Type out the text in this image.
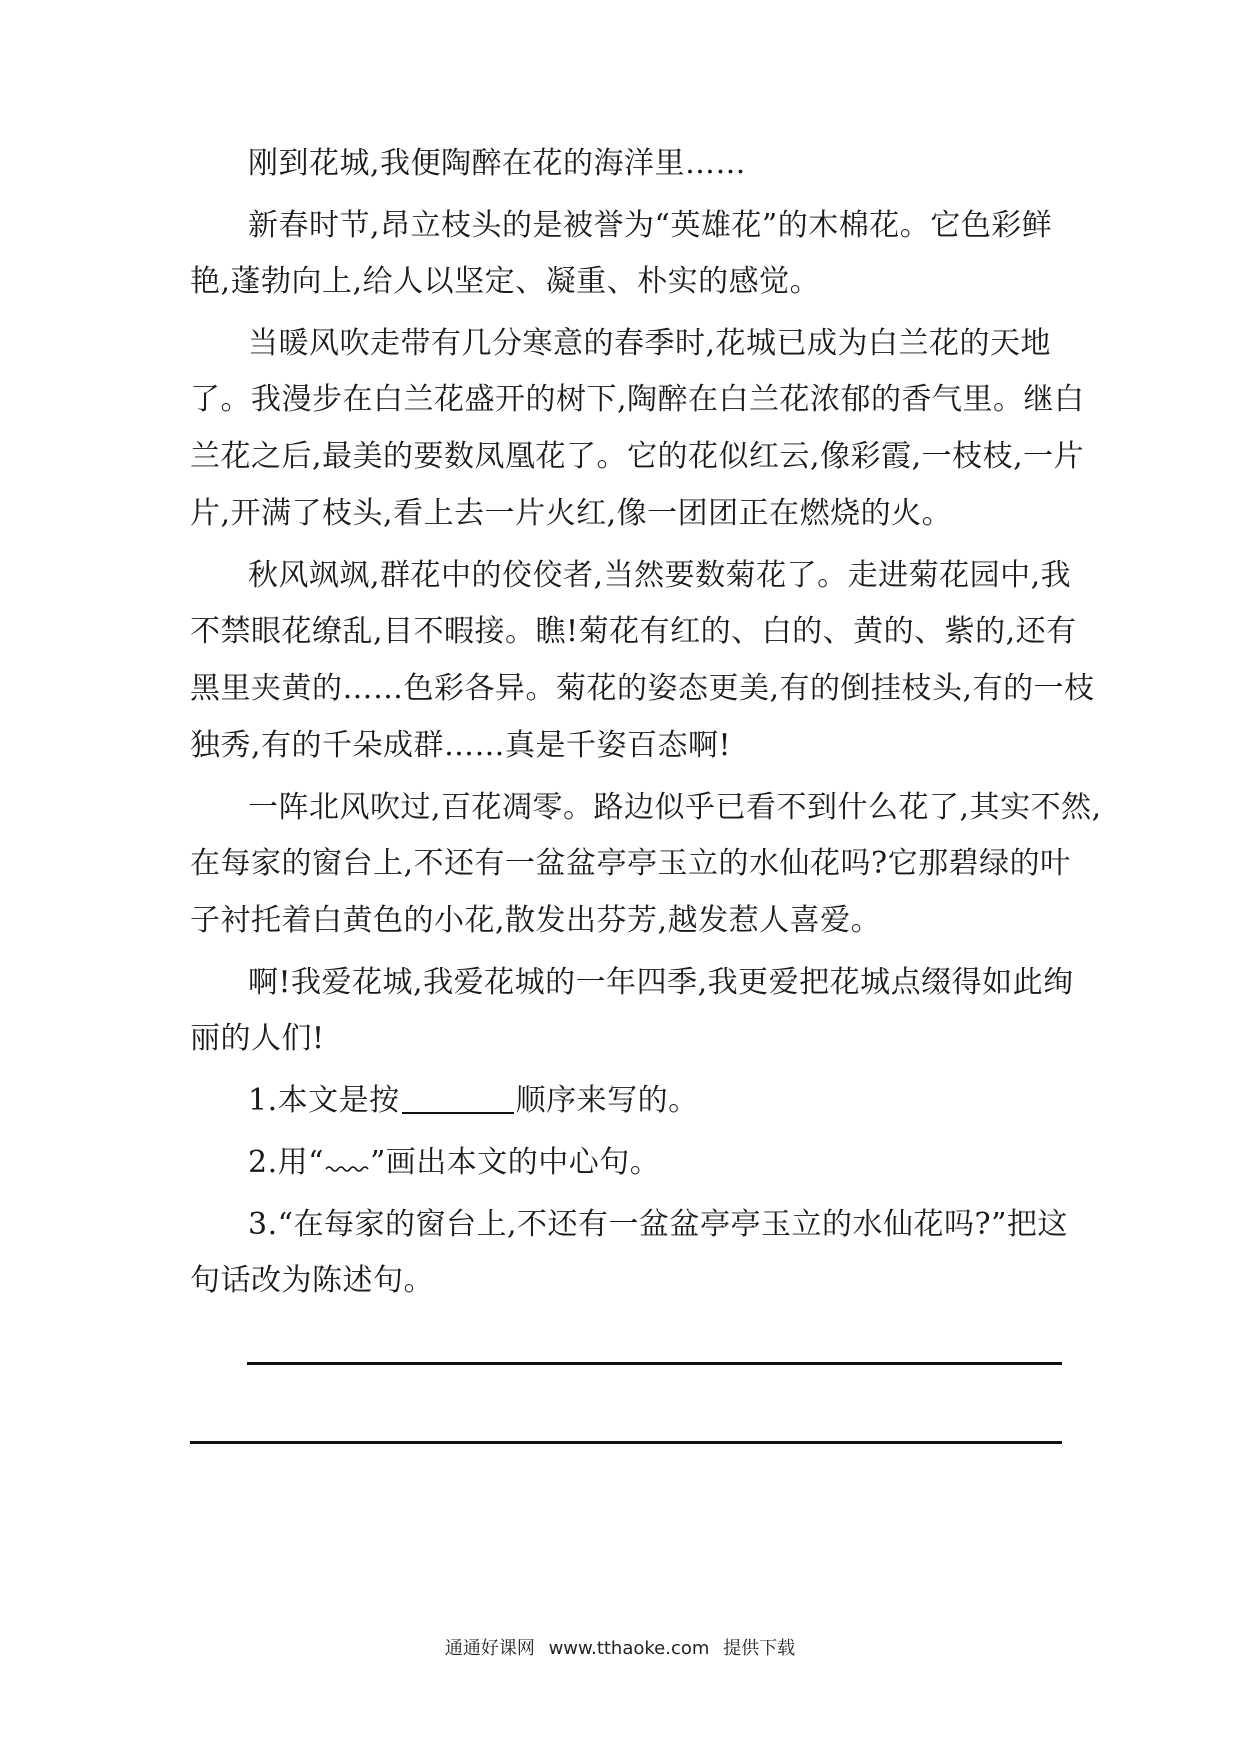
刚到花城,我便陶醉在花的海洋里……
新春时节,昂立枝头的是被誉为“英雄花”的木棉花。它色彩鲜
艳,蓬勃向上,给人以坚定、凝重、朴实的感觉。
当暖风吹走带有几分寒意的春季时,花城已成为白兰花的天地
了。我漫步在白兰花盛开的树下,陶醉在白兰花浓郁的香气里。继白
兰花之后,最美的要数凤凰花了。它的花似红云,像彩霞,一枝枝,一片
片,开满了枝头,看上去一片火红,像一团团正在燃烧的火。
秋风飒飒,群花中的佼佼者,当然要数菊花了。走进菊花园中,我
不禁眼花缭乱,目不暇接。瞧!菊花有红的、白的、黄的、紫的,还有
黑里夹黄的……色彩各异。菊花的姿态更美,有的倒挂枝头,有的一枝
独秀,有的千朵成群……真是千姿百态啊!
一阵北风吹过,百花凋零。路边似乎已看不到什么花了,其实不然,
在每家的窗台上,不还有一盆盆亭亭玉立的水仙花吗?它那碧绿的叶
子衬托着白黄色的小花,散发出芬芳,越发惹人喜爱。
啊!我爱花城,我爱花城的一年四季,我更爱把花城点缀得如此绚
丽的人们!
1.本文是按	顺序来写的。
2.用“ ”画出本文的中心句。
3.“在每家的窗台上,不还有一盆盆亭亭玉立的水仙花吗?”把这
句话改为陈述句。
通通好课网 www.tthaoke.com 提供下载
